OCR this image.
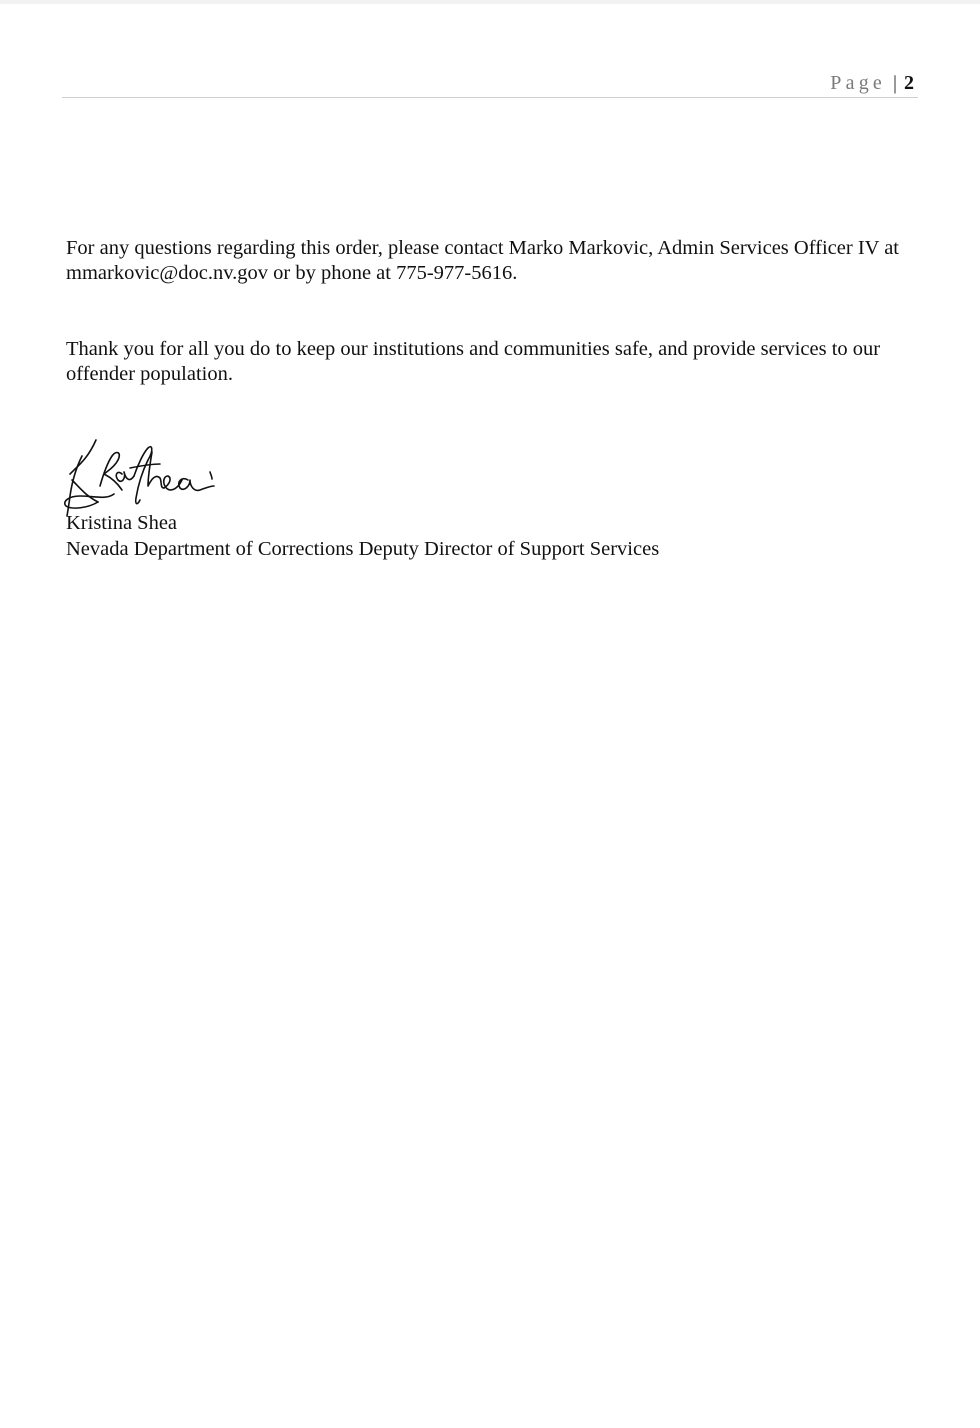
Page | 2

For any questions regarding this order, please contact Marko Markovic, Admin Services Officer IV at mmarkovic@doc.nv.gov or by phone at 775-977-5616.

Thank you for all you do to keep our institutions and communities safe, and provide services to our offender population.

Kristina Shea
Nevada Department of Corrections Deputy Director of Support Services
